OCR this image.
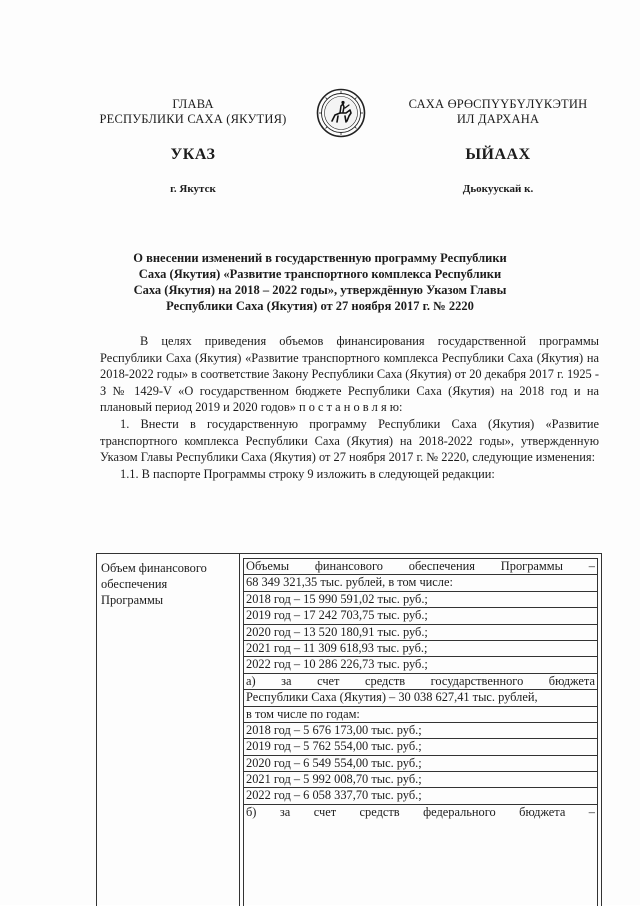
ГЛАВА
РЕСПУБЛИКИ САХА (ЯКУТИЯ)
САХА ӨРӨСПҮҮБҮЛҮКЭТИН
ИЛ ДАРХАНА
УКАЗ	ЫЙААХ
г. Якутск	Дьокуускай к.
О внесении изменений в государственную программу Республики
Саха (Якутия) «Развитие транспортного комплекса Республики
Саха (Якутия) на 2018 – 2022 годы», утверждённую Указом Главы
Республики Саха (Якутия) от 27 ноября 2017 г. № 2220

В целях приведения объемов финансирования государственной программы Республики Саха (Якутия) «Развитие транспортного комплекса Республики Саха (Якутия) на 2018-2022 годы» в соответствие Закону Республики Саха (Якутия) от 20 декабря 2017 г. 1925 - З № 1429-V «О государственном бюджете Республики Саха (Якутия) на 2018 год и на плановый период 2019 и 2020 годов» п о с т а н о в л я ю:

1. Внести в государственную программу Республики Саха (Якутия) «Развитие транспортного комплекса Республики Саха (Якутия) на 2018-2022 годы», утвержденную Указом Главы Республики Саха (Якутия) от 27 ноября 2017 г. № 2220, следующие изменения:

1.1. В паспорте Программы строку 9 изложить в следующей редакции:

Объем финансового
обеспечения
Программы
Объемы финансового обеспечения Программы –
68 349 321,35 тыс. рублей, в том числе:
2018 год – 15 990 591,02 тыс. руб.;
2019 год – 17 242 703,75 тыс. руб.;
2020 год – 13 520 180,91 тыс. руб.;
2021 год – 11 309 618,93 тыс. руб.;
2022 год – 10 286 226,73 тыс. руб.;
а) за счет средств государственного бюджета
Республики Саха (Якутия) – 30 038 627,41 тыс. рублей,
в том числе по годам:
2018 год – 5 676 173,00 тыс. руб.;
2019 год – 5 762 554,00 тыс. руб.;
2020 год – 6 549 554,00 тыс. руб.;
2021 год – 5 992 008,70 тыс. руб.;
2022 год – 6 058 337,70 тыс. руб.;
б) за счет средств федерального бюджета –
